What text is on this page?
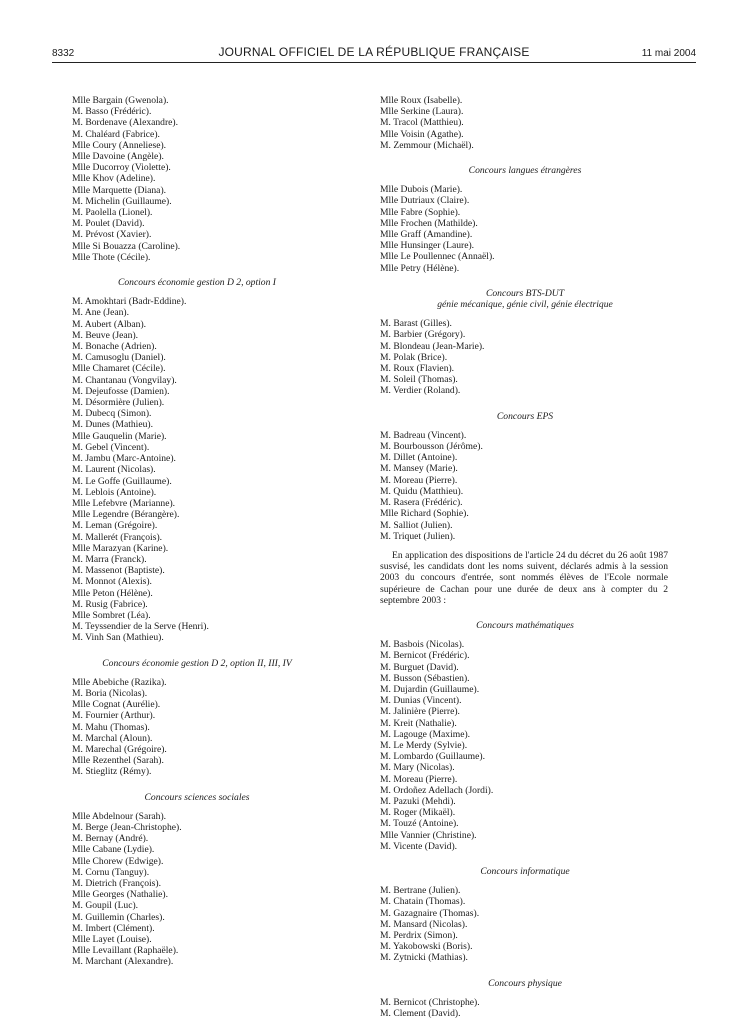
8332	JOURNAL OFFICIEL DE LA RÉPUBLIQUE FRANÇAISE	11 mai 2004
Mlle Bargain (Gwenola).
M. Basso (Frédéric).
M. Bordenave (Alexandre).
M. Chaléard (Fabrice).
Mlle Coury (Anneliese).
Mlle Davoine (Angèle).
Mlle Ducorroy (Violette).
Mlle Khov (Adeline).
Mlle Marquette (Diana).
M. Michelin (Guillaume).
M. Paolella (Lionel).
M. Poulet (David).
M. Prévost (Xavier).
Mlle Si Bouazza (Caroline).
Mlle Thote (Cécile).
Concours économie gestion D 2, option I
M. Amokhtari (Badr-Eddine).
M. Ane (Jean).
M. Aubert (Alban).
M. Beuve (Jean).
M. Bonache (Adrien).
M. Camusoglu (Daniel).
Mlle Chamaret (Cécile).
M. Chantanau (Vongvilay).
M. Dejeufosse (Damien).
M. Désormière (Julien).
M. Dubecq (Simon).
M. Dunes (Mathieu).
Mlle Gauquelin (Marie).
M. Gebel (Vincent).
M. Jambu (Marc-Antoine).
M. Laurent (Nicolas).
M. Le Goffe (Guillaume).
M. Leblois (Antoine).
Mlle Lefebvre (Marianne).
Mlle Legendre (Bérangère).
M. Leman (Grégoire).
M. Mallerét (François).
Mlle Marazyan (Karine).
M. Marra (Franck).
M. Massenot (Baptiste).
M. Monnot (Alexis).
Mlle Peton (Hélène).
M. Rusig (Fabrice).
Mlle Sombret (Léa).
M. Teyssendier de la Serve (Henri).
M. Vinh San (Mathieu).
Concours économie gestion D 2, option II, III, IV
Mlle Abebiche (Razika).
M. Boria (Nicolas).
Mlle Cognat (Aurélie).
M. Fournier (Arthur).
M. Mahu (Thomas).
M. Marchal (Aloun).
M. Marechal (Grégoire).
Mlle Rezenthel (Sarah).
M. Stieglitz (Rémy).
Concours sciences sociales
Mlle Abdelnour (Sarah).
M. Berge (Jean-Christophe).
M. Bernay (André).
Mlle Cabane (Lydie).
Mlle Chorew (Edwige).
M. Cornu (Tanguy).
M. Dietrich (François).
Mlle Georges (Nathalie).
M. Goupil (Luc).
M. Guillemin (Charles).
M. Imbert (Clément).
Mlle Layet (Louise).
Mlle Levaillant (Raphaële).
M. Marchant (Alexandre).
Mlle Roux (Isabelle).
Mlle Serkine (Laura).
M. Tracol (Matthieu).
Mlle Voisin (Agathe).
M. Zemmour (Michaël).
Concours langues étrangères
Mlle Dubois (Marie).
Mlle Dutriaux (Claire).
Mlle Fabre (Sophie).
Mlle Frochen (Mathilde).
Mlle Graff (Amandine).
Mlle Hunsinger (Laure).
Mlle Le Poullennec (Annaël).
Mlle Petry (Hélène).
Concours BTS-DUT
génie mécanique, génie civil, génie électrique
M. Barast (Gilles).
M. Barbier (Grégory).
M. Blondeau (Jean-Marie).
M. Polak (Brice).
M. Roux (Flavien).
M. Soleil (Thomas).
M. Verdier (Roland).
Concours EPS
M. Badreau (Vincent).
M. Bourbousson (Jérôme).
M. Dillet (Antoine).
M. Mansey (Marie).
M. Moreau (Pierre).
M. Quidu (Matthieu).
M. Rasera (Frédéric).
Mlle Richard (Sophie).
M. Salliot (Julien).
M. Triquet (Julien).

En application des dispositions de l'article 24 du décret du 26 août 1987 susvisé, les candidats dont les noms suivent, déclarés admis à la session 2003 du concours d'entrée, sont nommés élèves de l'Ecole normale supérieure de Cachan pour une durée de deux ans à compter du 2 septembre 2003 :

Concours mathématiques
M. Basbois (Nicolas).
M. Bernicot (Frédéric).
M. Burguet (David).
M. Busson (Sébastien).
M. Dujardin (Guillaume).
M. Dunias (Vincent).
M. Jalinière (Pierre).
M. Kreit (Nathalie).
M. Lagouge (Maxime).
M. Le Merdy (Sylvie).
M. Lombardo (Guillaume).
M. Mary (Nicolas).
M. Moreau (Pierre).
M. Ordoñez Adellach (Jordi).
M. Pazuki (Mehdi).
M. Roger (Mikaël).
M. Touzé (Antoine).
Mlle Vannier (Christine).
M. Vicente (David).
Concours informatique
M. Bertrane (Julien).
M. Chatain (Thomas).
M. Gazagnaire (Thomas).
M. Mansard (Nicolas).
M. Perdrix (Simon).
M. Yakobowski (Boris).
M. Zytnicki (Mathias).
Concours physique
M. Bernicot (Christophe).
M. Clement (David).
